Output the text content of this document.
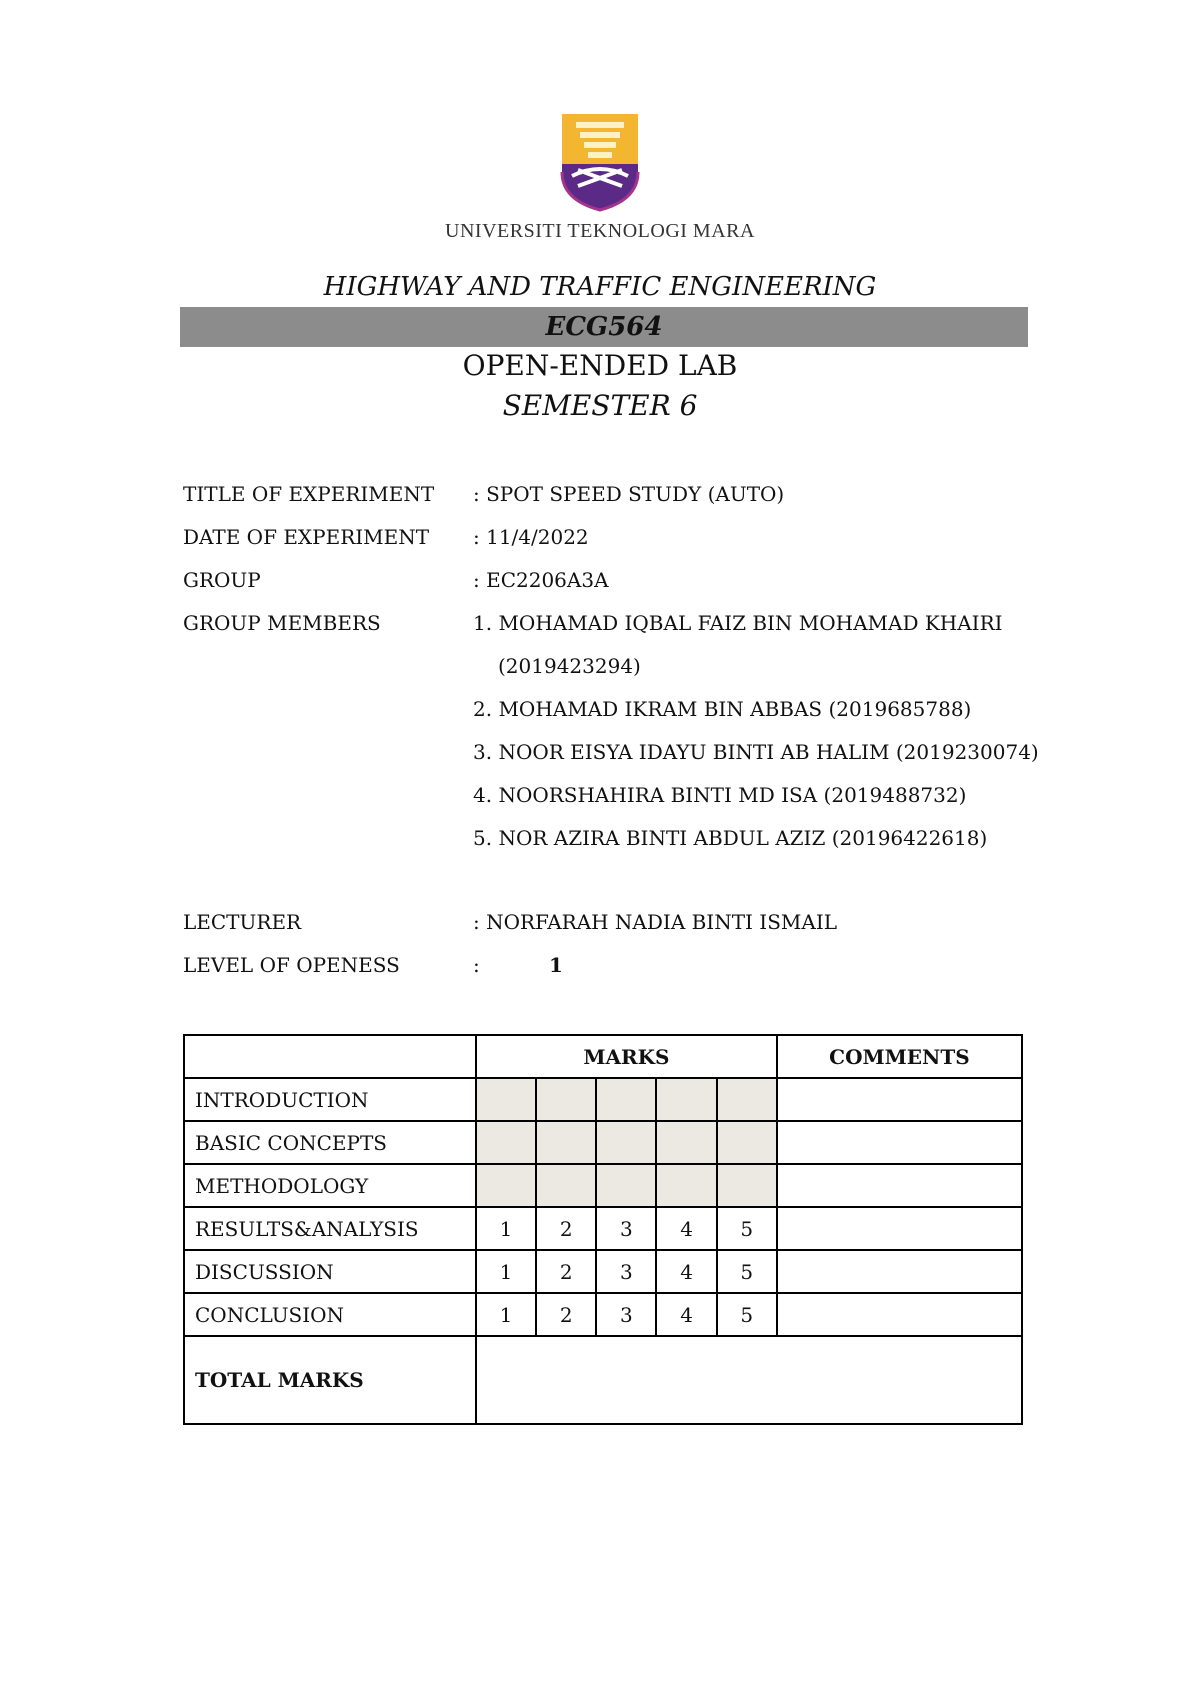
UNIVERSITI TEKNOLOGI MARA
HIGHWAY AND TRAFFIC ENGINEERING
ECG564
OPEN-ENDED LAB
SEMESTER 6
TITLE OF EXPERIMENT : SPOT SPEED STUDY (AUTO)
DATE OF EXPERIMENT : 11/4/2022
GROUP	: EC2206A3A
GROUP MEMBERS	1. MOHAMAD IQBAL FAIZ BIN MOHAMAD KHAIRI
(2019423294)
2. MOHAMAD IKRAM BIN ABBAS (2019685788)
3. NOOR EISYA IDAYU BINTI AB HALIM (2019230074)
4. NOORSHAHIRA BINTI MD ISA (2019488732)
5. NOR AZIRA BINTI ABDUL AZIZ (20196422618)
LECTURER	: NORFARAH NADIA BINTI ISMAIL
LEVEL OF OPENESS	:	1
	MARKS					COMMENTS
INTRODUCTION						
BASIC CONCEPTS						
METHODOLOGY						
RESULTS&ANALYSIS	1	2	3	4	5	
DISCUSSION	1	2	3	4	5	
CONCLUSION	1	2	3	4	5	
TOTAL MARKS						
